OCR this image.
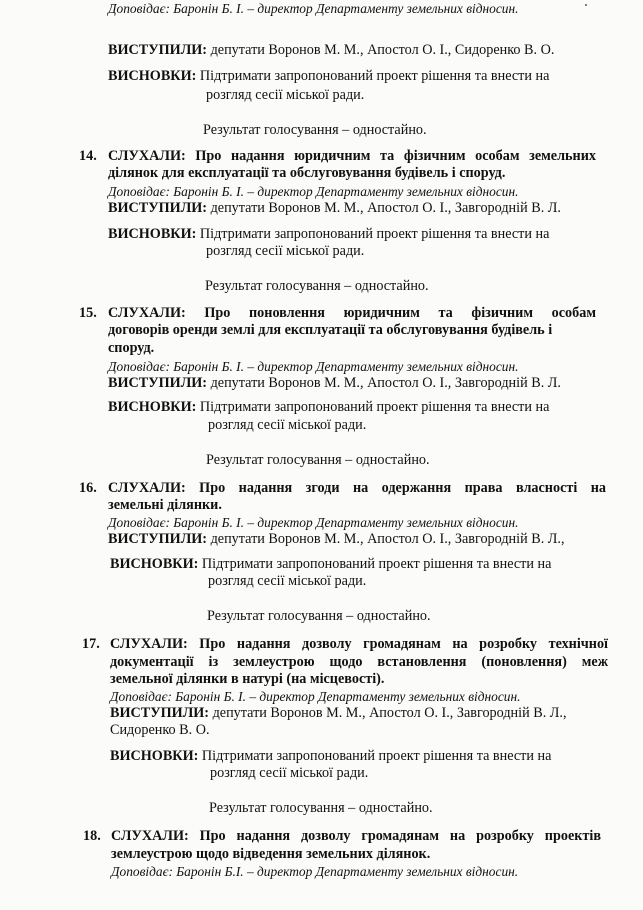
Доповідає: Баронін Б. І. – директор Департаменту земельних відносин.
ВИСТУПИЛИ: депутати Воронов М. М., Апостол О. І., Сидоренко В. О.
ВИСНОВКИ: Підтримати запропонований проект рішення та внести на
розгляд сесії міської ради.
Результат голосування – одностайно.
14. СЛУХАЛИ: Про надання юридичним та фізичним особам земельних
ділянок для експлуатації та обслуговування будівель і споруд.
Доповідає: Баронін Б. І. – директор Департаменту земельних відносин.
ВИСТУПИЛИ: депутати Воронов М. М., Апостол О. І., Завгородній В. Л.
ВИСНОВКИ: Підтримати запропонований проект рішення та внести на
розгляд сесії міської ради.
Результат голосування – одностайно.
15. СЛУХАЛИ: Про поновлення юридичним та фізичним особам
договорів оренди землі для експлуатації та обслуговування будівель і
споруд.
Доповідає: Баронін Б. І. – директор Департаменту земельних відносин.
ВИСТУПИЛИ: депутати Воронов М. М., Апостол О. І., Завгородній В. Л.
ВИСНОВКИ: Підтримати запропонований проект рішення та внести на
розгляд сесії міської ради.
Результат голосування – одностайно.
16. СЛУХАЛИ: Про надання згоди на одержання права власності на
земельні ділянки.
Доповідає: Баронін Б. І. – директор Департаменту земельних відносин.
ВИСТУПИЛИ: депутати Воронов М. М., Апостол О. І., Завгородній В. Л.,
ВИСНОВКИ: Підтримати запропонований проект рішення та внести на
розгляд сесії міської ради.
Результат голосування – одностайно.
17. СЛУХАЛИ: Про надання дозволу громадянам на розробку технічної
документації із землеустрою щодо встановлення (поновлення) меж
земельної ділянки в натурі (на місцевості).
Доповідає: Баронін Б. І. – директор Департаменту земельних відносин.
ВИСТУПИЛИ: депутати Воронов М. М., Апостол О. І., Завгородній В. Л.,
Сидоренко В. О.
ВИСНОВКИ: Підтримати запропонований проект рішення та внести на
розгляд сесії міської ради.
Результат голосування – одностайно.
18. СЛУХАЛИ: Про надання дозволу громадянам на розробку проектів
землеустрою щодо відведення земельних ділянок.
Доповідає: Баронін Б.І. – директор Департаменту земельних відносин.
